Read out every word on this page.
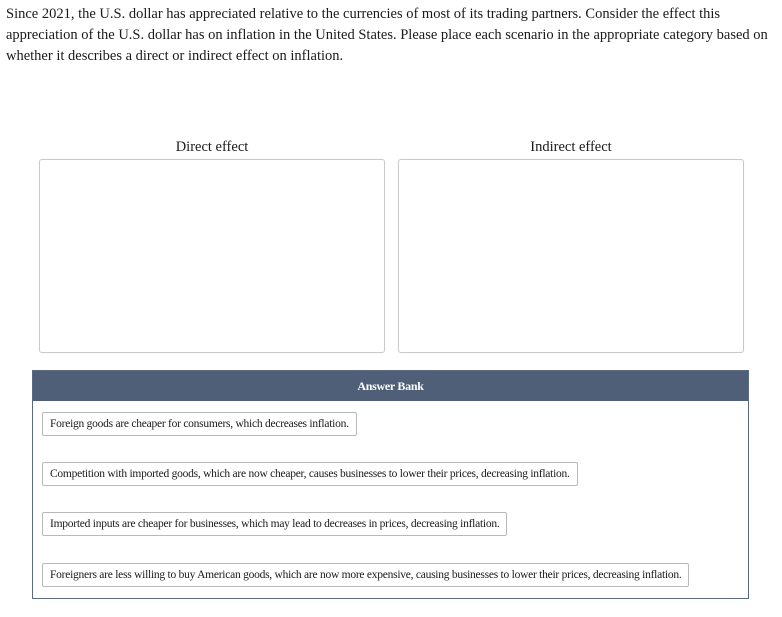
Since 2021, the U.S. dollar has appreciated relative to the currencies of most of its trading partners. Consider the effect this appreciation of the U.S. dollar has on inflation in the United States. Please place each scenario in the appropriate category based on whether it describes a direct or indirect effect on inflation.

Direct effect	Indirect effect
Answer Bank
Foreign goods are cheaper for consumers, which decreases inflation.
Competition with imported goods, which are now cheaper, causes businesses to lower their prices, decreasing inflation.
Imported inputs are cheaper for businesses, which may lead to decreases in prices, decreasing inflation.
Foreigners are less willing to buy American goods, which are now more expensive, causing businesses to lower their prices, decreasing inflation.
